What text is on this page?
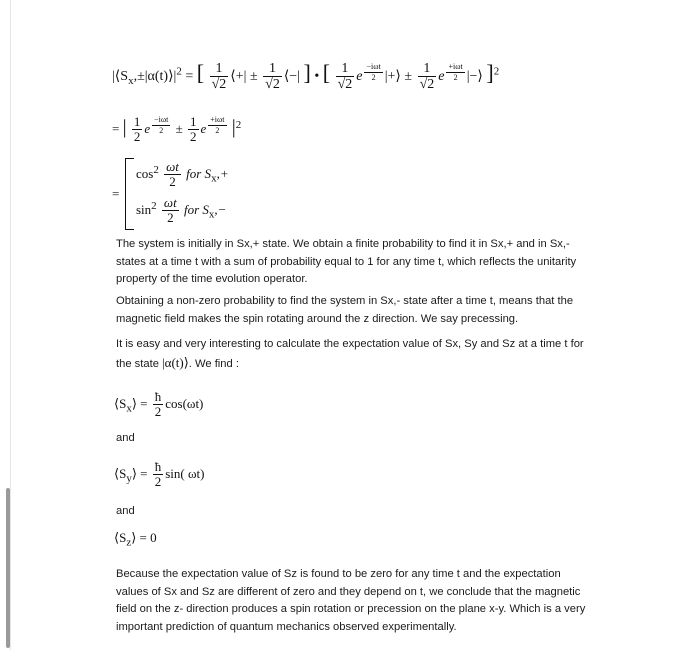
$|⟨S_x,\pm|\alpha(t)⟩|^2$ = [ $\frac{1}{√2}$ ⟨+| ± $\frac{1}{√2}$ ⟨−| ] • [ $\frac{1}{√2}$ e $^{\frac{\text{−iωt}}{2}}$ |+⟩ ± $\frac{1}{√2}$ e $^{\frac{\text{+iωt}}{2}}$ |−⟩ ]$^2$
= | $\frac{1}{2}$ e $^{\frac{\text{−iωt}}{2}} \pm \frac{1}{2}$ e $^{\frac{\text{+iωt}}{2}}$ $|^2$
=
$\cos^2 \frac{\omega t}{2}$ for $S_x,+$
$\sin^2 \frac{\omega t}{2}$ for $S_x,-$

The system is initially in Sx,+ state. We obtain a finite probability to find it in Sx,+ and in Sx,- states at a time t with a sum of probability equal to 1 for any time t, which reflects the unitarity property of the time evolution operator.

Obtaining a non-zero probability to find the system in Sx,- state after a time t, means that the magnetic field makes the spin rotating around the z direction. We say precessing.

It is easy and very interesting to calculate the expectation value of Sx, Sy and Sz at a time t for the state |α(t)⟩. We find :

$⟨S_x⟩ = \frac{ħ}{2} \cos(\omega t)$
and
$⟨S_y⟩ = \frac{ħ}{2} \sin$( ωt)
and
$⟨S_z⟩ = 0$

Because the expectation value of Sz is found to be zero for any time t and the expectation values of Sx and Sz are different of zero and they depend on t, we conclude that the magnetic field on the z- direction produces a spin rotation or precession on the plane x-y. Which is a very important prediction of quantum mechanics observed experimentally.
